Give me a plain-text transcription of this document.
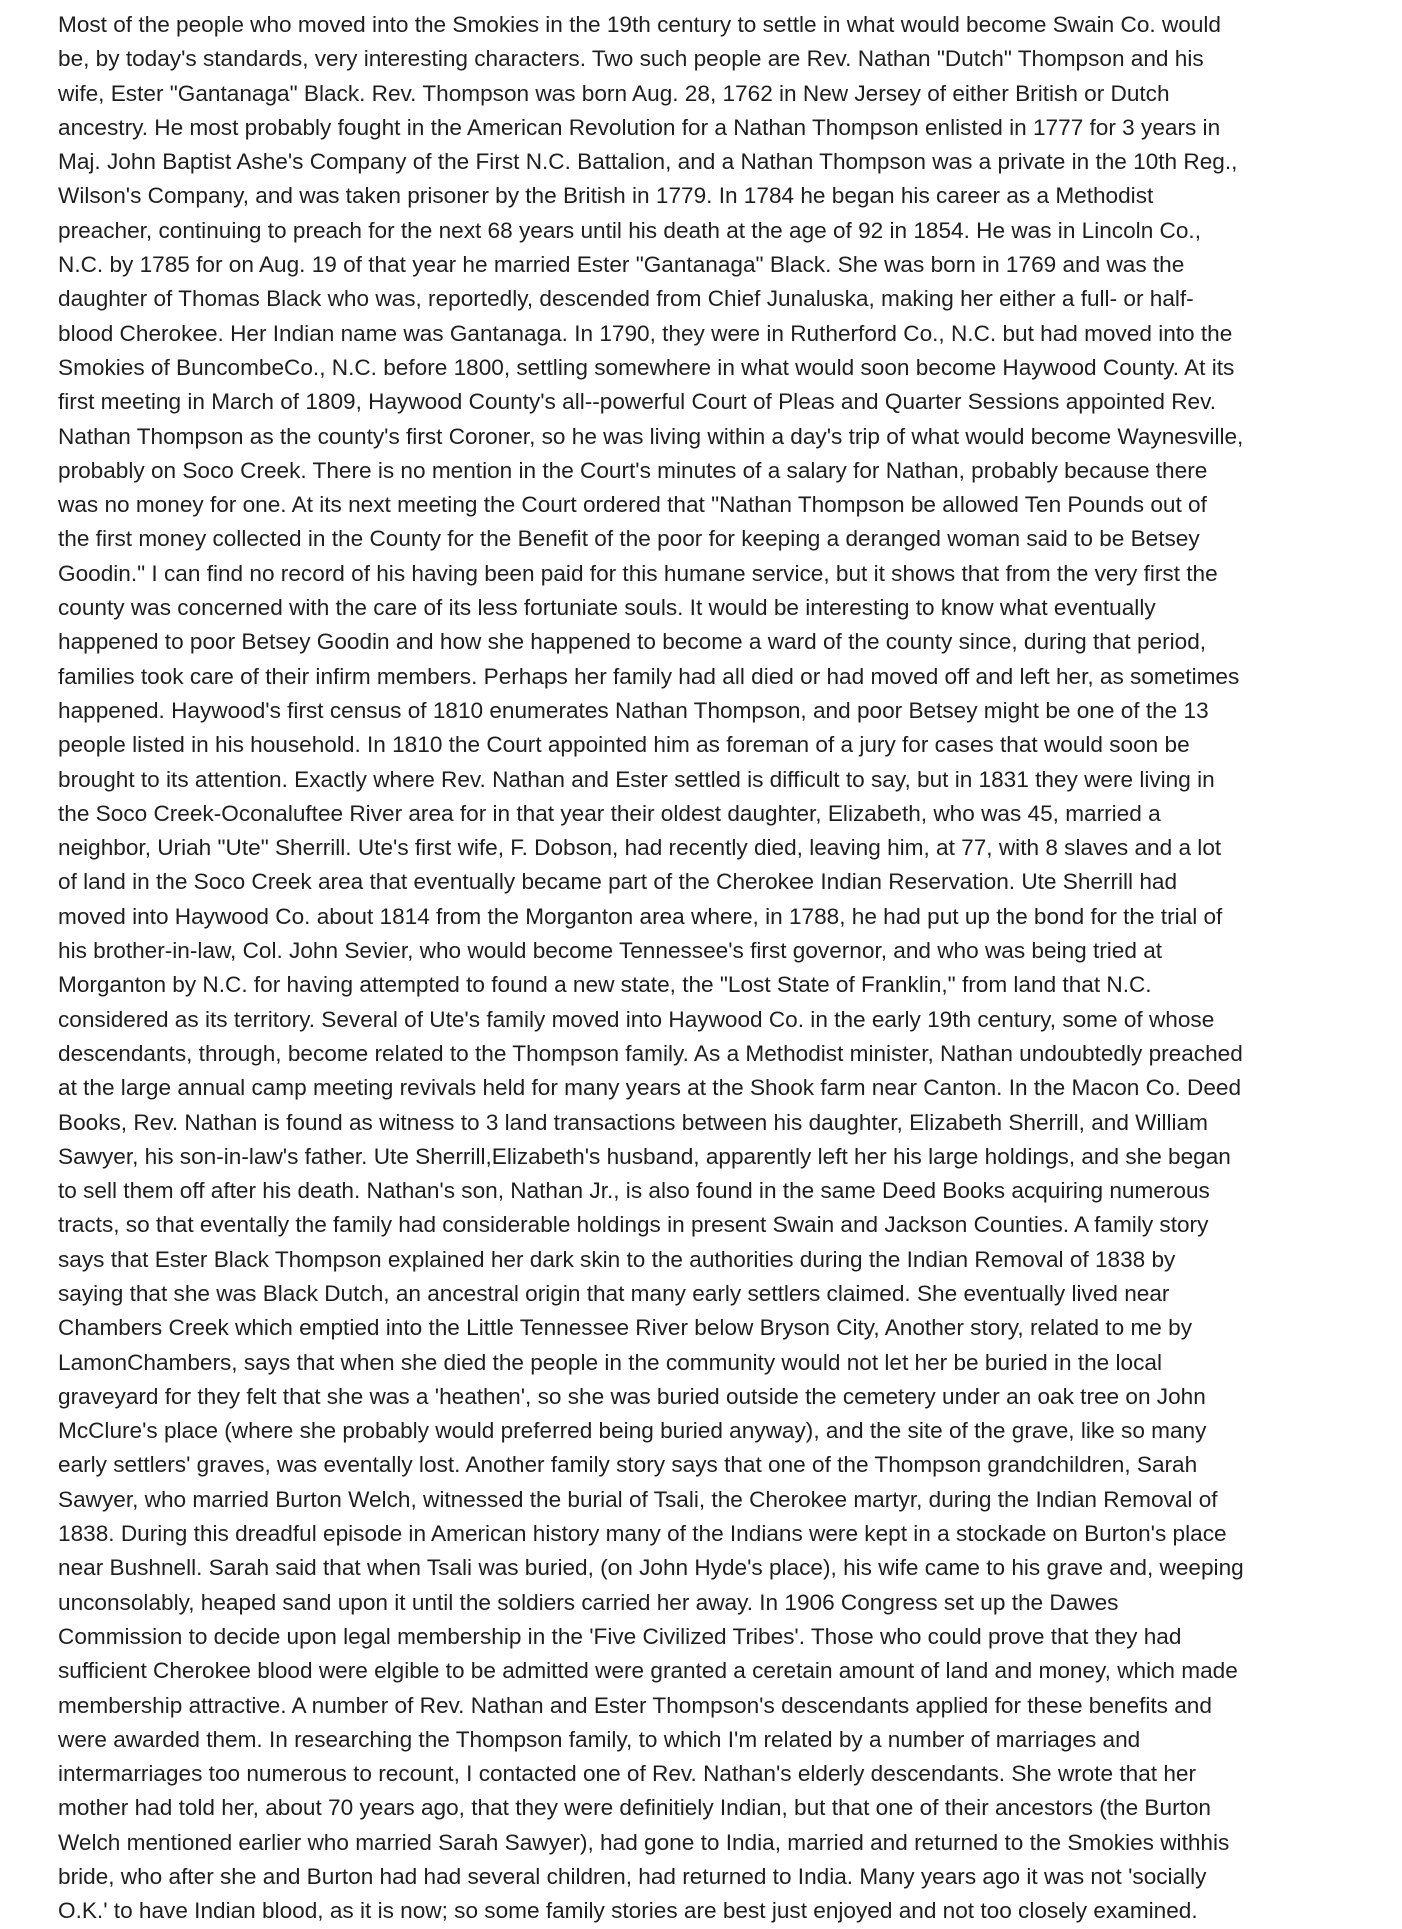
Most of the people who moved into the Smokies in the 19th century to settle in what would become Swain Co. would
be, by today's standards, very interesting characters. Two such people are Rev. Nathan "Dutch" Thompson and his
wife, Ester "Gantanaga" Black. Rev. Thompson was born Aug. 28, 1762 in New Jersey of either British or Dutch
ancestry. He most probably fought in the American Revolution for a Nathan Thompson enlisted in 1777 for 3 years in
Maj. John Baptist Ashe's Company of the First N.C. Battalion, and a Nathan Thompson was a private in the 10th Reg.,
Wilson's Company, and was taken prisoner by the British in 1779. In 1784 he began his career as a Methodist
preacher, continuing to preach for the next 68 years until his death at the age of 92 in 1854. He was in Lincoln Co.,
N.C. by 1785 for on Aug. 19 of that year he married Ester "Gantanaga" Black. She was born in 1769 and was the
daughter of Thomas Black who was, reportedly, descended from Chief Junaluska, making her either a full- or half-
blood Cherokee. Her Indian name was Gantanaga. In 1790, they were in Rutherford Co., N.C. but had moved into the
Smokies of BuncombeCo., N.C. before 1800, settling somewhere in what would soon become Haywood County. At its
first meeting in March of 1809, Haywood County's all--powerful Court of Pleas and Quarter Sessions appointed Rev.
Nathan Thompson as the county's first Coroner, so he was living within a day's trip of what would become Waynesville,
probably on Soco Creek. There is no mention in the Court's minutes of a salary for Nathan, probably because there
was no money for one. At its next meeting the Court ordered that "Nathan Thompson be allowed Ten Pounds out of
the first money collected in the County for the Benefit of the poor for keeping a deranged woman said to be Betsey
Goodin." I can find no record of his having been paid for this humane service, but it shows that from the very first the
county was concerned with the care of its less fortuniate souls. It would be interesting to know what eventually
happened to poor Betsey Goodin and how she happened to become a ward of the county since, during that period,
families took care of their infirm members. Perhaps her family had all died or had moved off and left her, as sometimes
happened. Haywood's first census of 1810 enumerates Nathan Thompson, and poor Betsey might be one of the 13
people listed in his household. In 1810 the Court appointed him as foreman of a jury for cases that would soon be
brought to its attention. Exactly where Rev. Nathan and Ester settled is difficult to say, but in 1831 they were living in
the Soco Creek-Oconaluftee River area for in that year their oldest daughter, Elizabeth, who was 45, married a
neighbor, Uriah "Ute" Sherrill. Ute's first wife, F. Dobson, had recently died, leaving him, at 77, with 8 slaves and a lot
of land in the Soco Creek area that eventually became part of the Cherokee Indian Reservation. Ute Sherrill had
moved into Haywood Co. about 1814 from the Morganton area where, in 1788, he had put up the bond for the trial of
his brother-in-law, Col. John Sevier, who would become Tennessee's first governor, and who was being tried at
Morganton by N.C. for having attempted to found a new state, the "Lost State of Franklin," from land that N.C.
considered as its territory. Several of Ute's family moved into Haywood Co. in the early 19th century, some of whose
descendants, through, become related to the Thompson family. As a Methodist minister, Nathan undoubtedly preached
at the large annual camp meeting revivals held for many years at the Shook farm near Canton. In the Macon Co. Deed
Books, Rev. Nathan is found as witness to 3 land transactions between his daughter, Elizabeth Sherrill, and William
Sawyer, his son-in-law's father. Ute Sherrill,Elizabeth's husband, apparently left her his large holdings, and she began
to sell them off after his death. Nathan's son, Nathan Jr., is also found in the same Deed Books acquiring numerous
tracts, so that eventally the family had considerable holdings in present Swain and Jackson Counties. A family story
says that Ester Black Thompson explained her dark skin to the authorities during the Indian Removal of 1838 by
saying that she was Black Dutch, an ancestral origin that many early settlers claimed. She eventually lived near
Chambers Creek which emptied into the Little Tennessee River below Bryson City, Another story, related to me by
LamonChambers, says that when she died the people in the community would not let her be buried in the local
graveyard for they felt that she was a 'heathen', so she was buried outside the cemetery under an oak tree on John
McClure's place (where she probably would preferred being buried anyway), and the site of the grave, like so many
early settlers' graves, was eventally lost. Another family story says that one of the Thompson grandchildren, Sarah
Sawyer, who married Burton Welch, witnessed the burial of Tsali, the Cherokee martyr, during the Indian Removal of
1838. During this dreadful episode in American history many of the Indians were kept in a stockade on Burton's place
near Bushnell. Sarah said that when Tsali was buried, (on John Hyde's place), his wife came to his grave and, weeping
unconsolably, heaped sand upon it until the soldiers carried her away. In 1906 Congress set up the Dawes
Commission to decide upon legal membership in the 'Five Civilized Tribes'. Those who could prove that they had
sufficient Cherokee blood were elgible to be admitted were granted a ceretain amount of land and money, which made
membership attractive. A number of Rev. Nathan and Ester Thompson's descendants applied for these benefits and
were awarded them. In researching the Thompson family, to which I'm related by a number of marriages and
intermarriages too numerous to recount, I contacted one of Rev. Nathan's elderly descendants. She wrote that her
mother had told her, about 70 years ago, that they were definitiely Indian, but that one of their ancestors (the Burton
Welch mentioned earlier who married Sarah Sawyer), had gone to India, married and returned to the Smokies withhis
bride, who after she and Burton had had several children, had returned to India. Many years ago it was not 'socially
O.K.' to have Indian blood, as it is now; so some family stories are best just enjoyed and not too closely examined.
